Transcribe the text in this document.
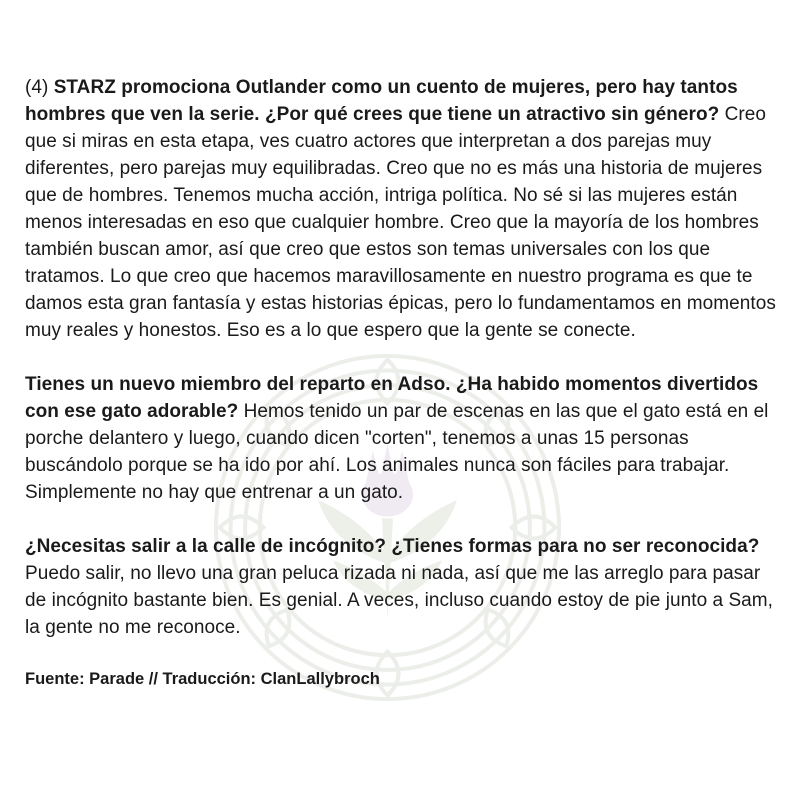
(4) STARZ promociona Outlander como un cuento de mujeres, pero hay tantos hombres que ven la serie. ¿Por qué crees que tiene un atractivo sin género? Creo que si miras en esta etapa, ves cuatro actores que interpretan a dos parejas muy diferentes, pero parejas muy equilibradas. Creo que no es más una historia de mujeres que de hombres. Tenemos mucha acción, intriga política. No sé si las mujeres están menos interesadas en eso que cualquier hombre. Creo que la mayoría de los hombres también buscan amor, así que creo que estos son temas universales con los que tratamos. Lo que creo que hacemos maravillosamente en nuestro programa es que te damos esta gran fantasía y estas historias épicas, pero lo fundamentamos en momentos muy reales y honestos. Eso es a lo que espero que la gente se conecte.

Tienes un nuevo miembro del reparto en Adso. ¿Ha habido momentos divertidos con ese gato adorable? Hemos tenido un par de escenas en las que el gato está en el porche delantero y luego, cuando dicen "corten", tenemos a unas 15 personas buscándolo porque se ha ido por ahí. Los animales nunca son fáciles para trabajar. Simplemente no hay que entrenar a un gato.

¿Necesitas salir a la calle de incógnito? ¿Tienes formas para no ser reconocida? Puedo salir, no llevo una gran peluca rizada ni nada, así que me las arreglo para pasar de incógnito bastante bien. Es genial. A veces, incluso cuando estoy de pie junto a Sam, la gente no me reconoce.

Fuente: Parade // Traducción: ClanLallybroch
